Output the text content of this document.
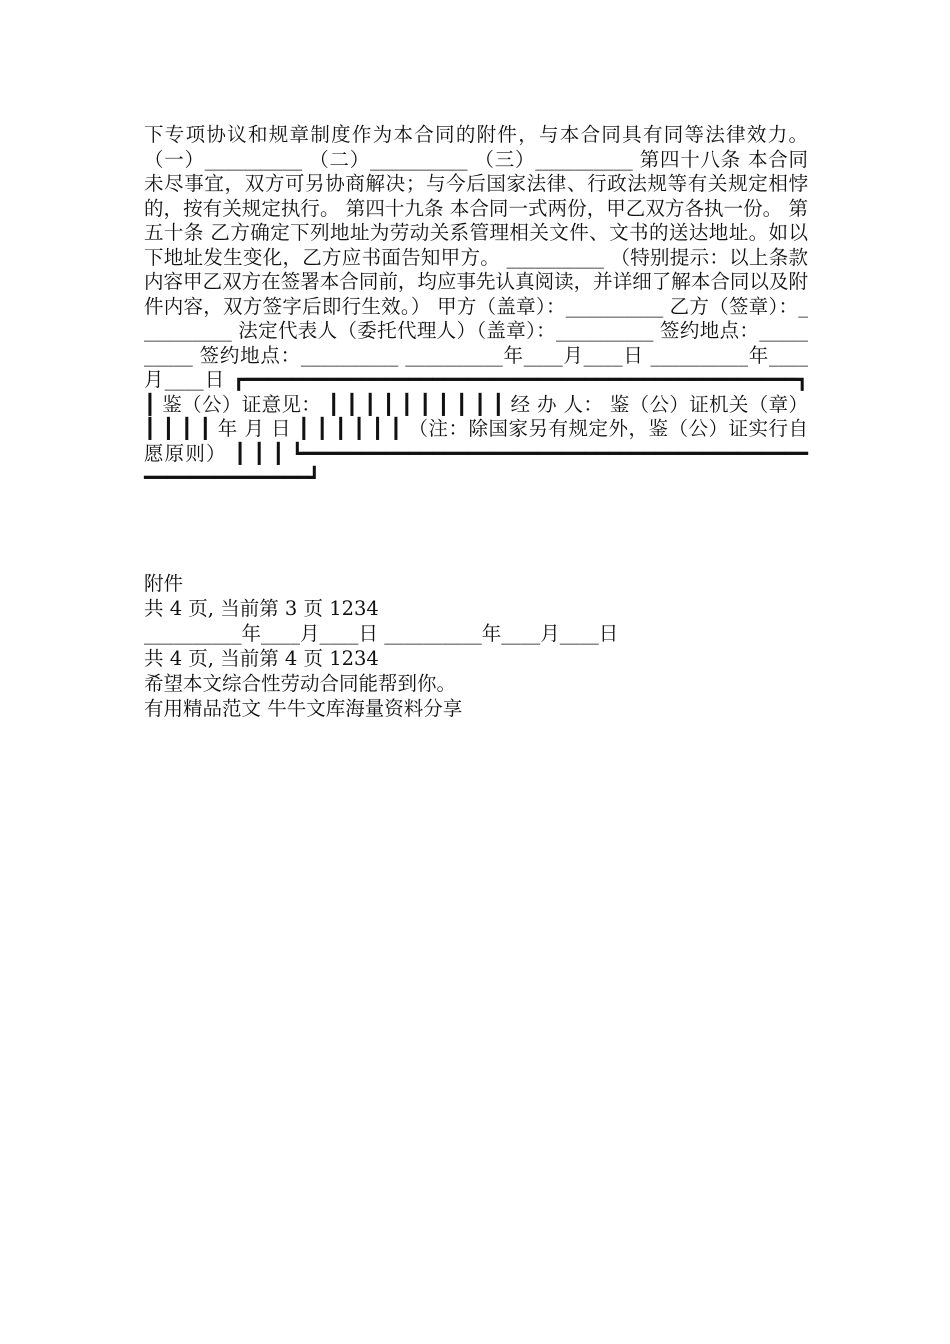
下专项协议和规章制度作为本合同的附件，与本合同具有同等法律效力。 （一）__________ （二）__________ （三）__________ 第四十八条 本合同未尽事宜，双方可另协商解决；与今后国家法律、行政法规等有关规定相悖的，按有关规定执行。 第四十九条 本合同一式两份，甲乙双方各执一份。 第五十条 乙方确定下列地址为劳动关系管理相关文件、文书的送达地址。如以下地址发生变化，乙方应书面告知甲方。 __________ （特别提示：以上条款内容甲乙双方在签署本合同前，均应事先认真阅读，并详细了解本合同以及附件内容，双方签字后即行生效。） 甲方（盖章）：__________ 乙方（签章）：__________ 法定代表人（委托代理人）（盖章）：__________ 签约地点：__________ 签约地点：__________ __________年____月____日 __________年____月____日 ┏━━━━━━━━━━━━━━━━━━━━━━━━━━━━━━━━━━━━━━━━━━━━━━━┓ ┃ 鉴（公）证意见： ┃ ┃ ┃ ┃ ┃ ┃ ┃ ┃ ┃ ┃ 经 办 人： 鉴（公）证机关（章） ┃ ┃ ┃ ┃ 年 月 日 ┃ ┃ ┃ ┃ ┃ ┃ （注：除国家另有规定外，鉴（公）证实行自愿原则） ┃ ┃ ┃ ┗━━━━━━━━━━━━━━━━━━━━━━━━━━━━━━━━━━━━━━━━━━━━━━━━━━━━━━━━━┛

附件

共 4 页, 当前第 3 页 1234

__________年____月____日 __________年____月____日

共 4 页, 当前第 4 页 1234

希望本文综合性劳动合同能帮到你。

有用精品范文 牛牛文库海量资料分享
